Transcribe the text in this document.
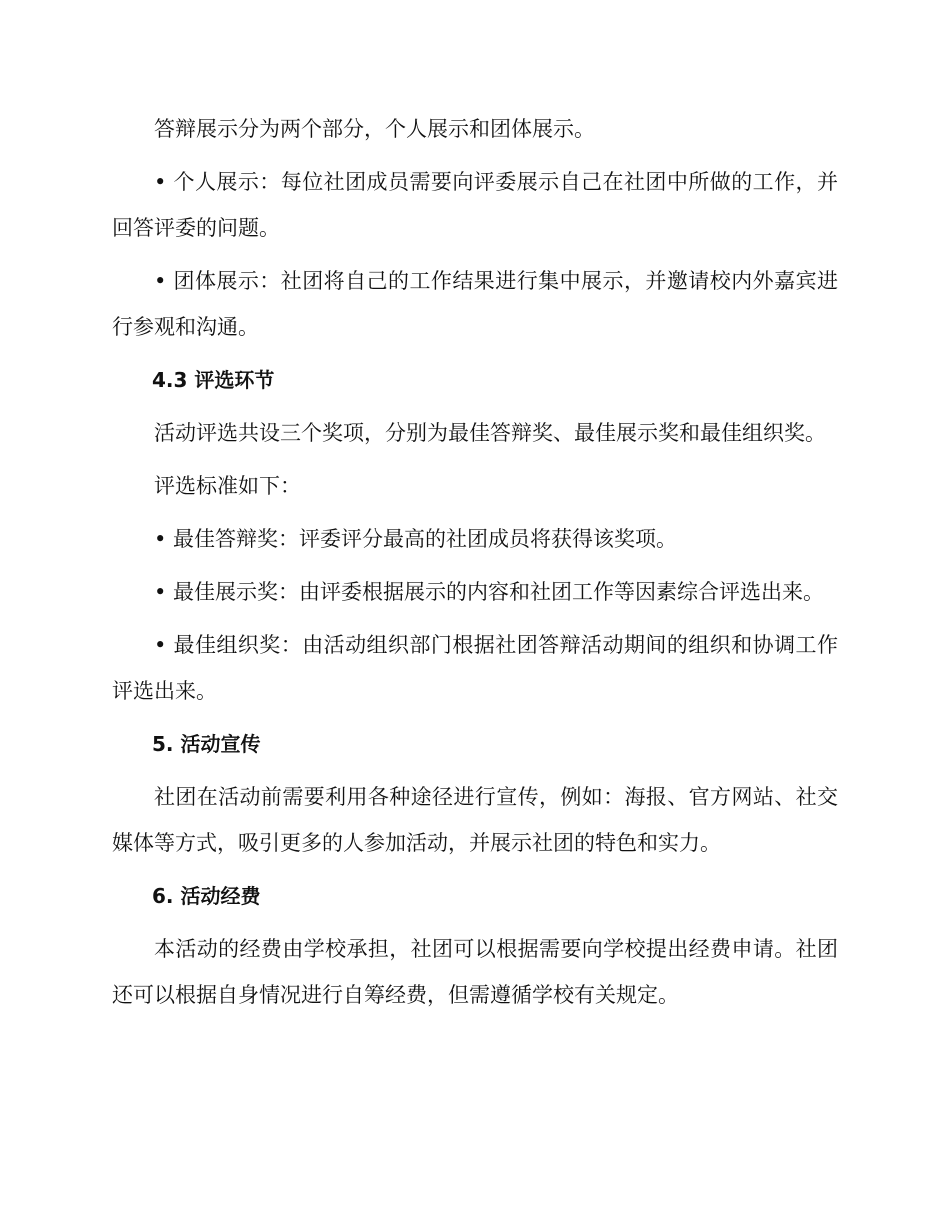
答辩展示分为两个部分，个人展示和团体展示。

• 个人展示：每位社团成员需要向评委展示自己在社团中所做的工作，并回答评委的问题。

• 团体展示：社团将自己的工作结果进行集中展示，并邀请校内外嘉宾进行参观和沟通。

4.3 评选环节

活动评选共设三个奖项，分别为最佳答辩奖、最佳展示奖和最佳组织奖。

评选标准如下：

• 最佳答辩奖：评委评分最高的社团成员将获得该奖项。

• 最佳展示奖：由评委根据展示的内容和社团工作等因素综合评选出来。

• 最佳组织奖：由活动组织部门根据社团答辩活动期间的组织和协调工作评选出来。

5. 活动宣传

社团在活动前需要利用各种途径进行宣传，例如：海报、官方网站、社交媒体等方式，吸引更多的人参加活动，并展示社团的特色和实力。

6. 活动经费

本活动的经费由学校承担，社团可以根据需要向学校提出经费申请。社团还可以根据自身情况进行自筹经费，但需遵循学校有关规定。
